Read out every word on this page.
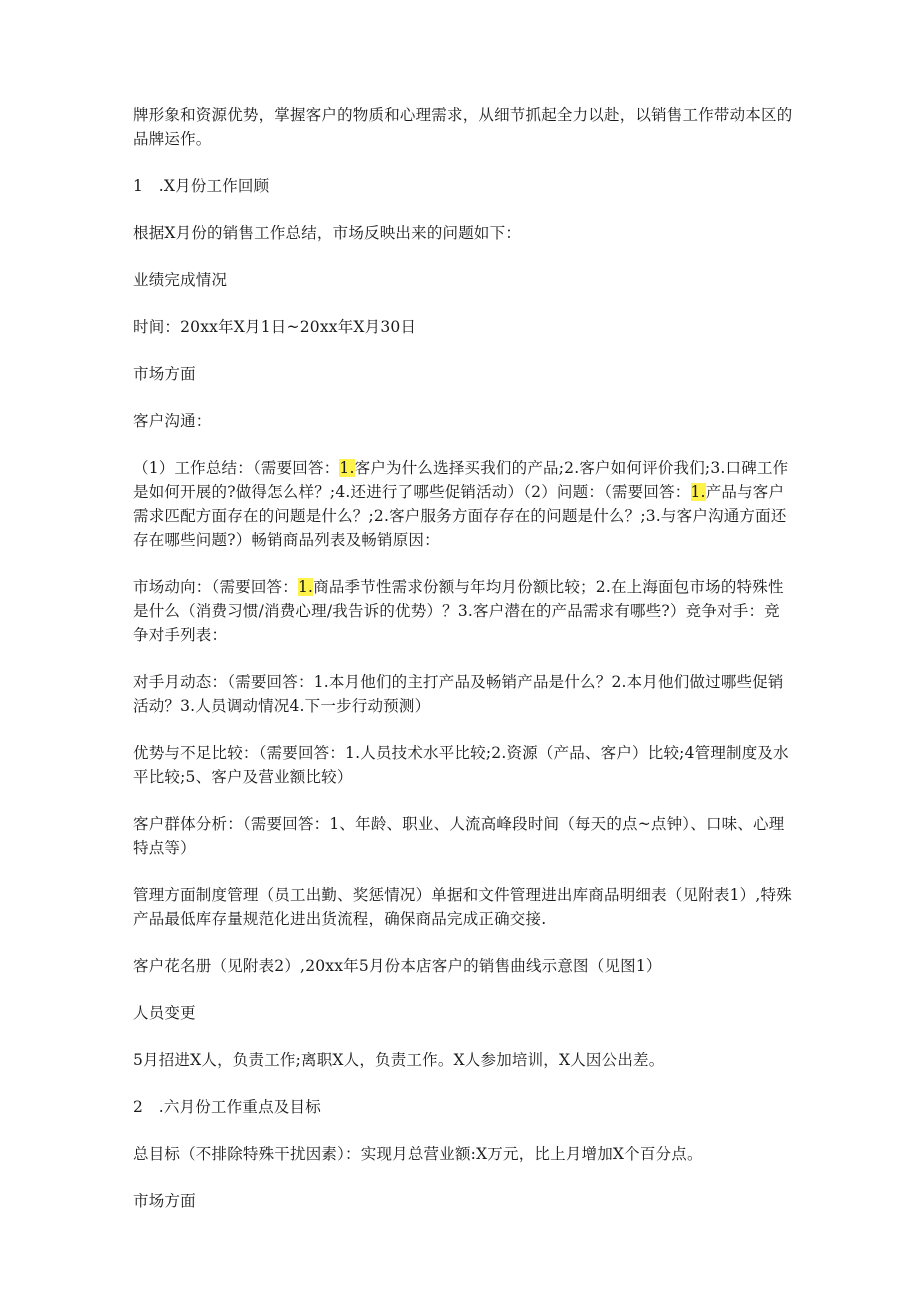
牌形象和资源优势，掌握客户的物质和心理需求，从细节抓起全力以赴，以销售工作带动本区的品牌运作。

1　.X月份工作回顾

根据X月份的销售工作总结，市场反映出来的问题如下：

业绩完成情况

时间：20xx年X月1日~20xx年X月30日

市场方面

客户沟通：

（1）工作总结：（需要回答：1.客户为什么选择买我们的产品;2.客户如何评价我们;3.口碑工作是如何开展的?做得怎么样？;4.还进行了哪些促销活动）（2）问题：（需要回答：1.产品与客户需求匹配方面存在的问题是什么？;2.客户服务方面存存在的问题是什么？;3.与客户沟通方面还存在哪些问题?）畅销商品列表及畅销原因：

市场动向：（需要回答：1.商品季节性需求份额与年均月份额比较；2.在上海面包市场的特殊性是什么（消费习惯/消费心理/我告诉的优势）？3.客户潜在的产品需求有哪些?）竞争对手：竞争对手列表：

对手月动态：（需要回答：1.本月他们的主打产品及畅销产品是什么？2.本月他们做过哪些促销活动？3.人员调动情况4.下一步行动预测）

优势与不足比较：（需要回答：1.人员技术水平比较;2.资源（产品、客户）比较;4管理制度及水平比较;5、客户及营业额比较）

客户群体分析：（需要回答：1、年龄、职业、人流高峰段时间（每天的点~点钟）、口味、心理特点等）

管理方面制度管理（员工出勤、奖惩情况）单据和文件管理进出库商品明细表（见附表1）,特殊产品最低库存量规范化进出货流程，确保商品完成正确交接.

客户花名册（见附表2）,20xx年5月份本店客户的销售曲线示意图（见图1）

人员变更

5月招进X人，负责工作;离职X人，负责工作。X人参加培训，X人因公出差。

2　.六月份工作重点及目标

总目标（不排除特殊干扰因素）：实现月总营业额:X万元，比上月增加X个百分点。

市场方面
